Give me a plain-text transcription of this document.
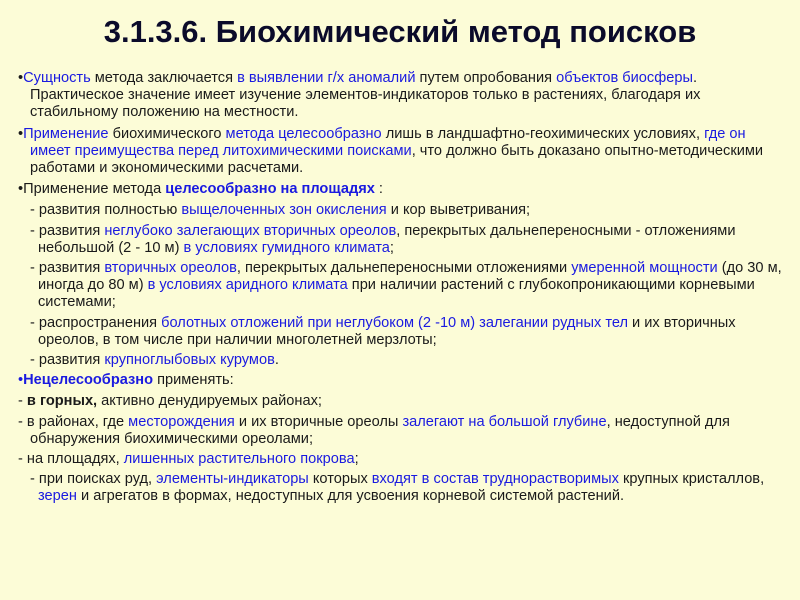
3.1.3.6. Биохимический метод поисков
•Сущность метода заключается в выявлении г/х аномалий путем опробования объектов биосферы. Практическое значение имеет изучение элементов-индикаторов только в растениях, благодаря их стабильному положению на местности.
•Применение биохимического метода целесообразно лишь в ландшафтно-геохимических условиях, где он имеет преимущества перед литохимическими поисками, что должно быть доказано опытно-методическими работами и экономическими расчетами.
•Применение метода целесообразно на площадях :
- развития полностью выщелоченных зон окисления и кор выветривания;
- развития неглубоко залегающих вторичных ореолов, перекрытых дальнепереносными - отложениями небольшой (2 - 10 м) в условиях гумидного климата;
- развития вторичных ореолов, перекрытых дальнепереносными отложениями умеренной мощности (до 30 м, иногда до 80 м) в условиях аридного климата при наличии растений с глубокопроникающими корневыми системами;
- распространения болотных отложений при неглубоком (2 -10 м) залегании рудных тел и их вторичных ореолов, в том числе при наличии многолетней мерзлоты;
- развития крупноглыбовых курумов.
•Нецелесообразно применять:
- в горных, активно денудируемых районах;
- в районах, где месторождения и их вторичные ореолы залегают на большой глубине, недоступной для обнаружения биохимическими ореолами;
- на площадях, лишенных растительного покрова;
- при поисках руд, элементы-индикаторы которых входят в состав труднорастворимых крупных кристаллов, зерен и агрегатов в формах, недоступных для усвоения корневой системой растений.
